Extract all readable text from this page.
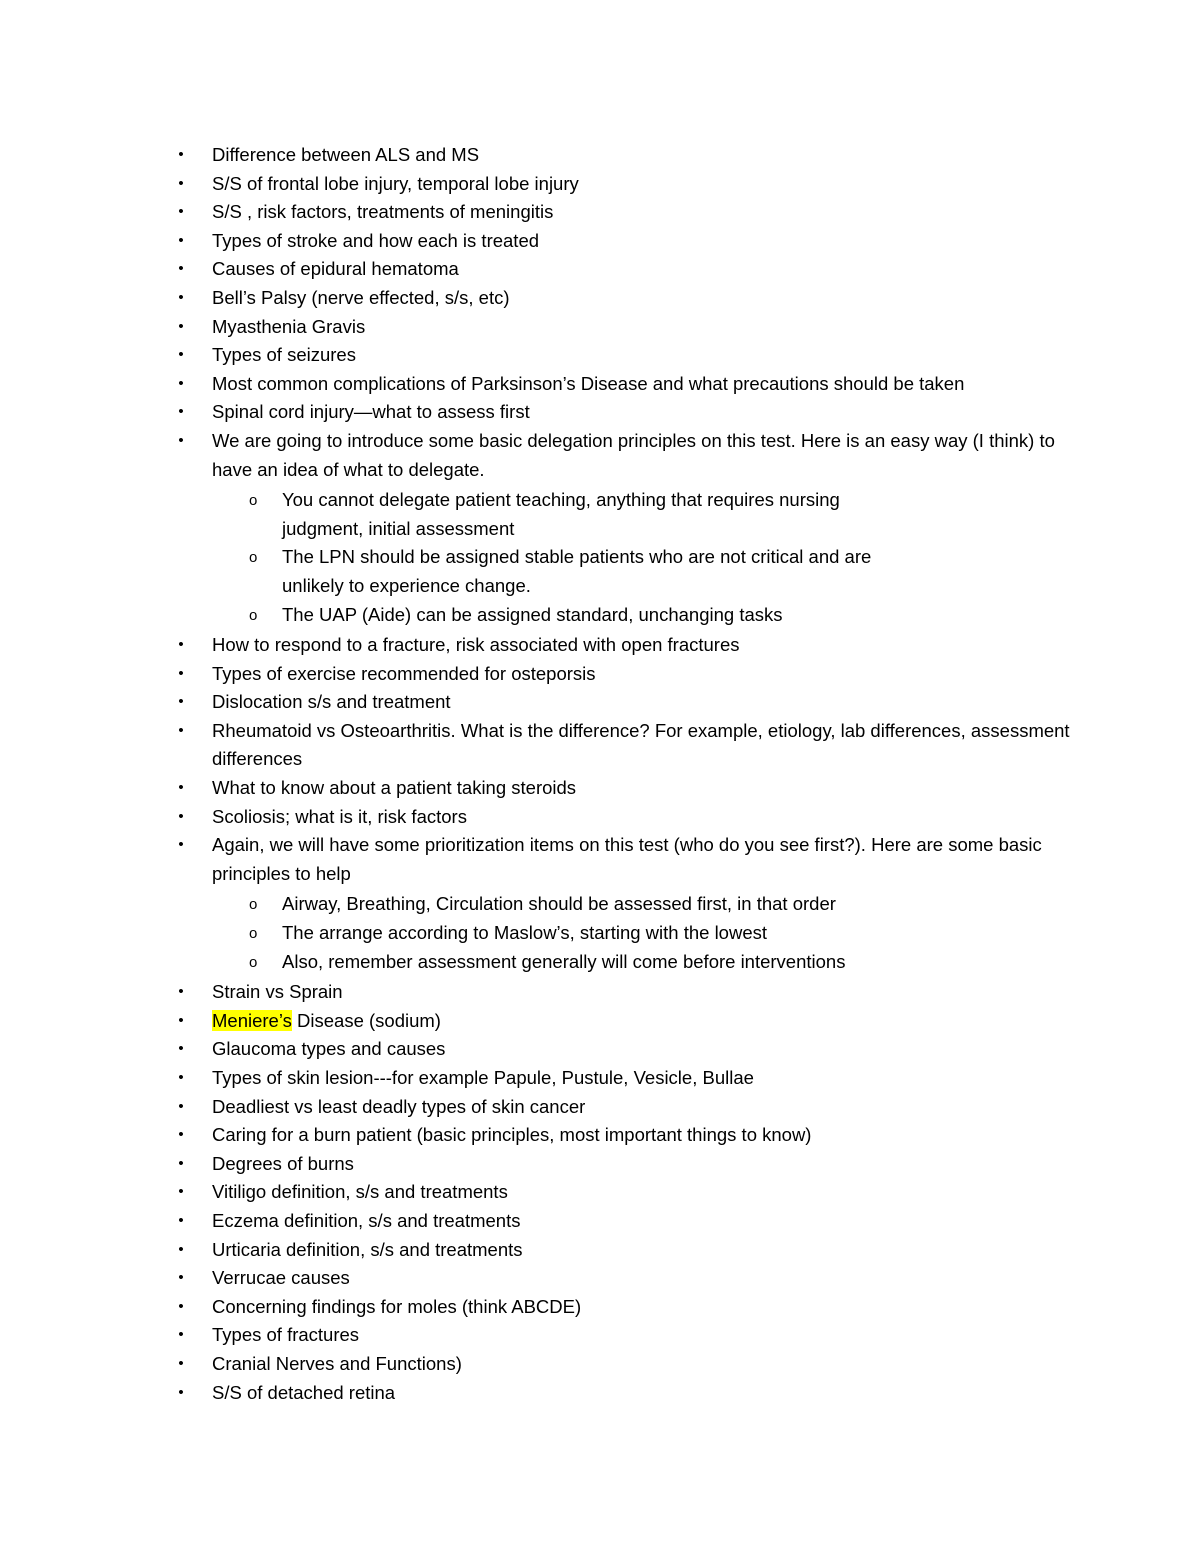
• Difference between ALS and MS
• S/S of frontal lobe injury, temporal lobe injury
• S/S , risk factors, treatments of meningitis
• Types of stroke and how each is treated
• Causes of epidural hematoma
• Bell’s Palsy (nerve effected, s/s, etc)
• Myasthenia Gravis
• Types of seizures
• Most common complications of Parksinson’s Disease and what precautions should be taken
• Spinal cord injury—what to assess first
• We are going to introduce some basic delegation principles on this test. Here is an easy way (I think) to have an idea of what to delegate.
o You cannot delegate patient teaching, anything that requires nursing judgment, initial assessment
o The LPN should be assigned stable patients who are not critical and are unlikely to experience change.
o The UAP (Aide) can be assigned standard, unchanging tasks
• How to respond to a fracture, risk associated with open fractures
• Types of exercise recommended for osteporsis
• Dislocation s/s and treatment
• Rheumatoid vs Osteoarthritis. What is the difference? For example, etiology, lab differences, assessment differences
• What to know about a patient taking steroids
• Scoliosis; what is it, risk factors
• Again, we will have some prioritization items on this test (who do you see first?). Here are some basic principles to help
o Airway, Breathing, Circulation should be assessed first, in that order
o The arrange according to Maslow’s, starting with the lowest
o Also, remember assessment generally will come before interventions
• Strain vs Sprain
• Meniere’s Disease (sodium)
• Glaucoma types and causes
• Types of skin lesion---for example Papule, Pustule, Vesicle, Bullae
• Deadliest vs least deadly types of skin cancer
• Caring for a burn patient (basic principles, most important things to know)
• Degrees of burns
• Vitiligo definition, s/s and treatments
• Eczema definition, s/s and treatments
• Urticaria definition, s/s and treatments
• Verrucae causes
• Concerning findings for moles (think ABCDE)
• Types of fractures
• Cranial Nerves and Functions)
• S/S of detached retina
